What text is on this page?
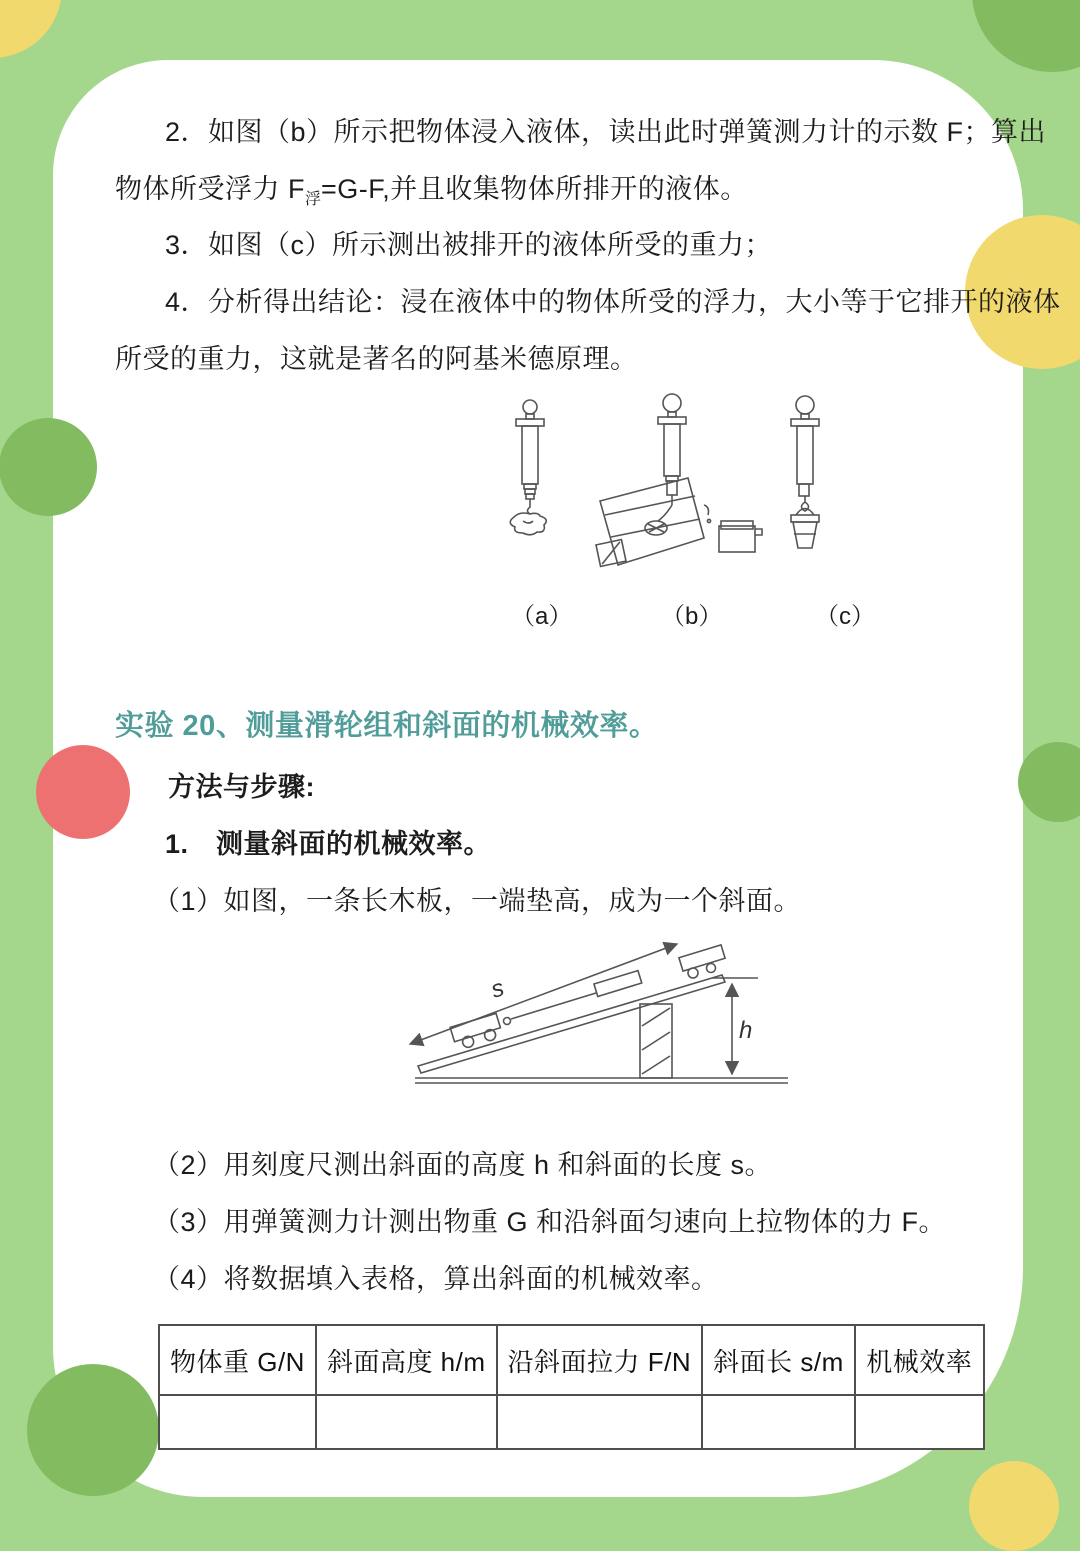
2．如图（b）所示把物体浸入液体，读出此时弹簧测力计的示数 F；算出
物体所受浮力 $F_浮=G-F$,并且收集物体所排开的液体。
3．如图（c）所示测出被排开的液体所受的重力；
4．分析得出结论：浸在液体中的物体所受的浮力，大小等于它排开的液体
所受的重力，这就是著名的阿基米德原理。
（a）	（b）	（c）
实验 20、测量滑轮组和斜面的机械效率。
方法与步骤:
1.　测量斜面的机械效率。
（1）如图，一条长木板，一端垫高，成为一个斜面。
s
h
（2）用刻度尺测出斜面的高度 h 和斜面的长度 s。
（3）用弹簧测力计测出物重 G 和沿斜面匀速向上拉物体的力 F。
（4）将数据填入表格，算出斜面的机械效率。
物体重 G/N	斜面高度 h/m	沿斜面拉力 F/N	斜面长 s/m	机械效率
